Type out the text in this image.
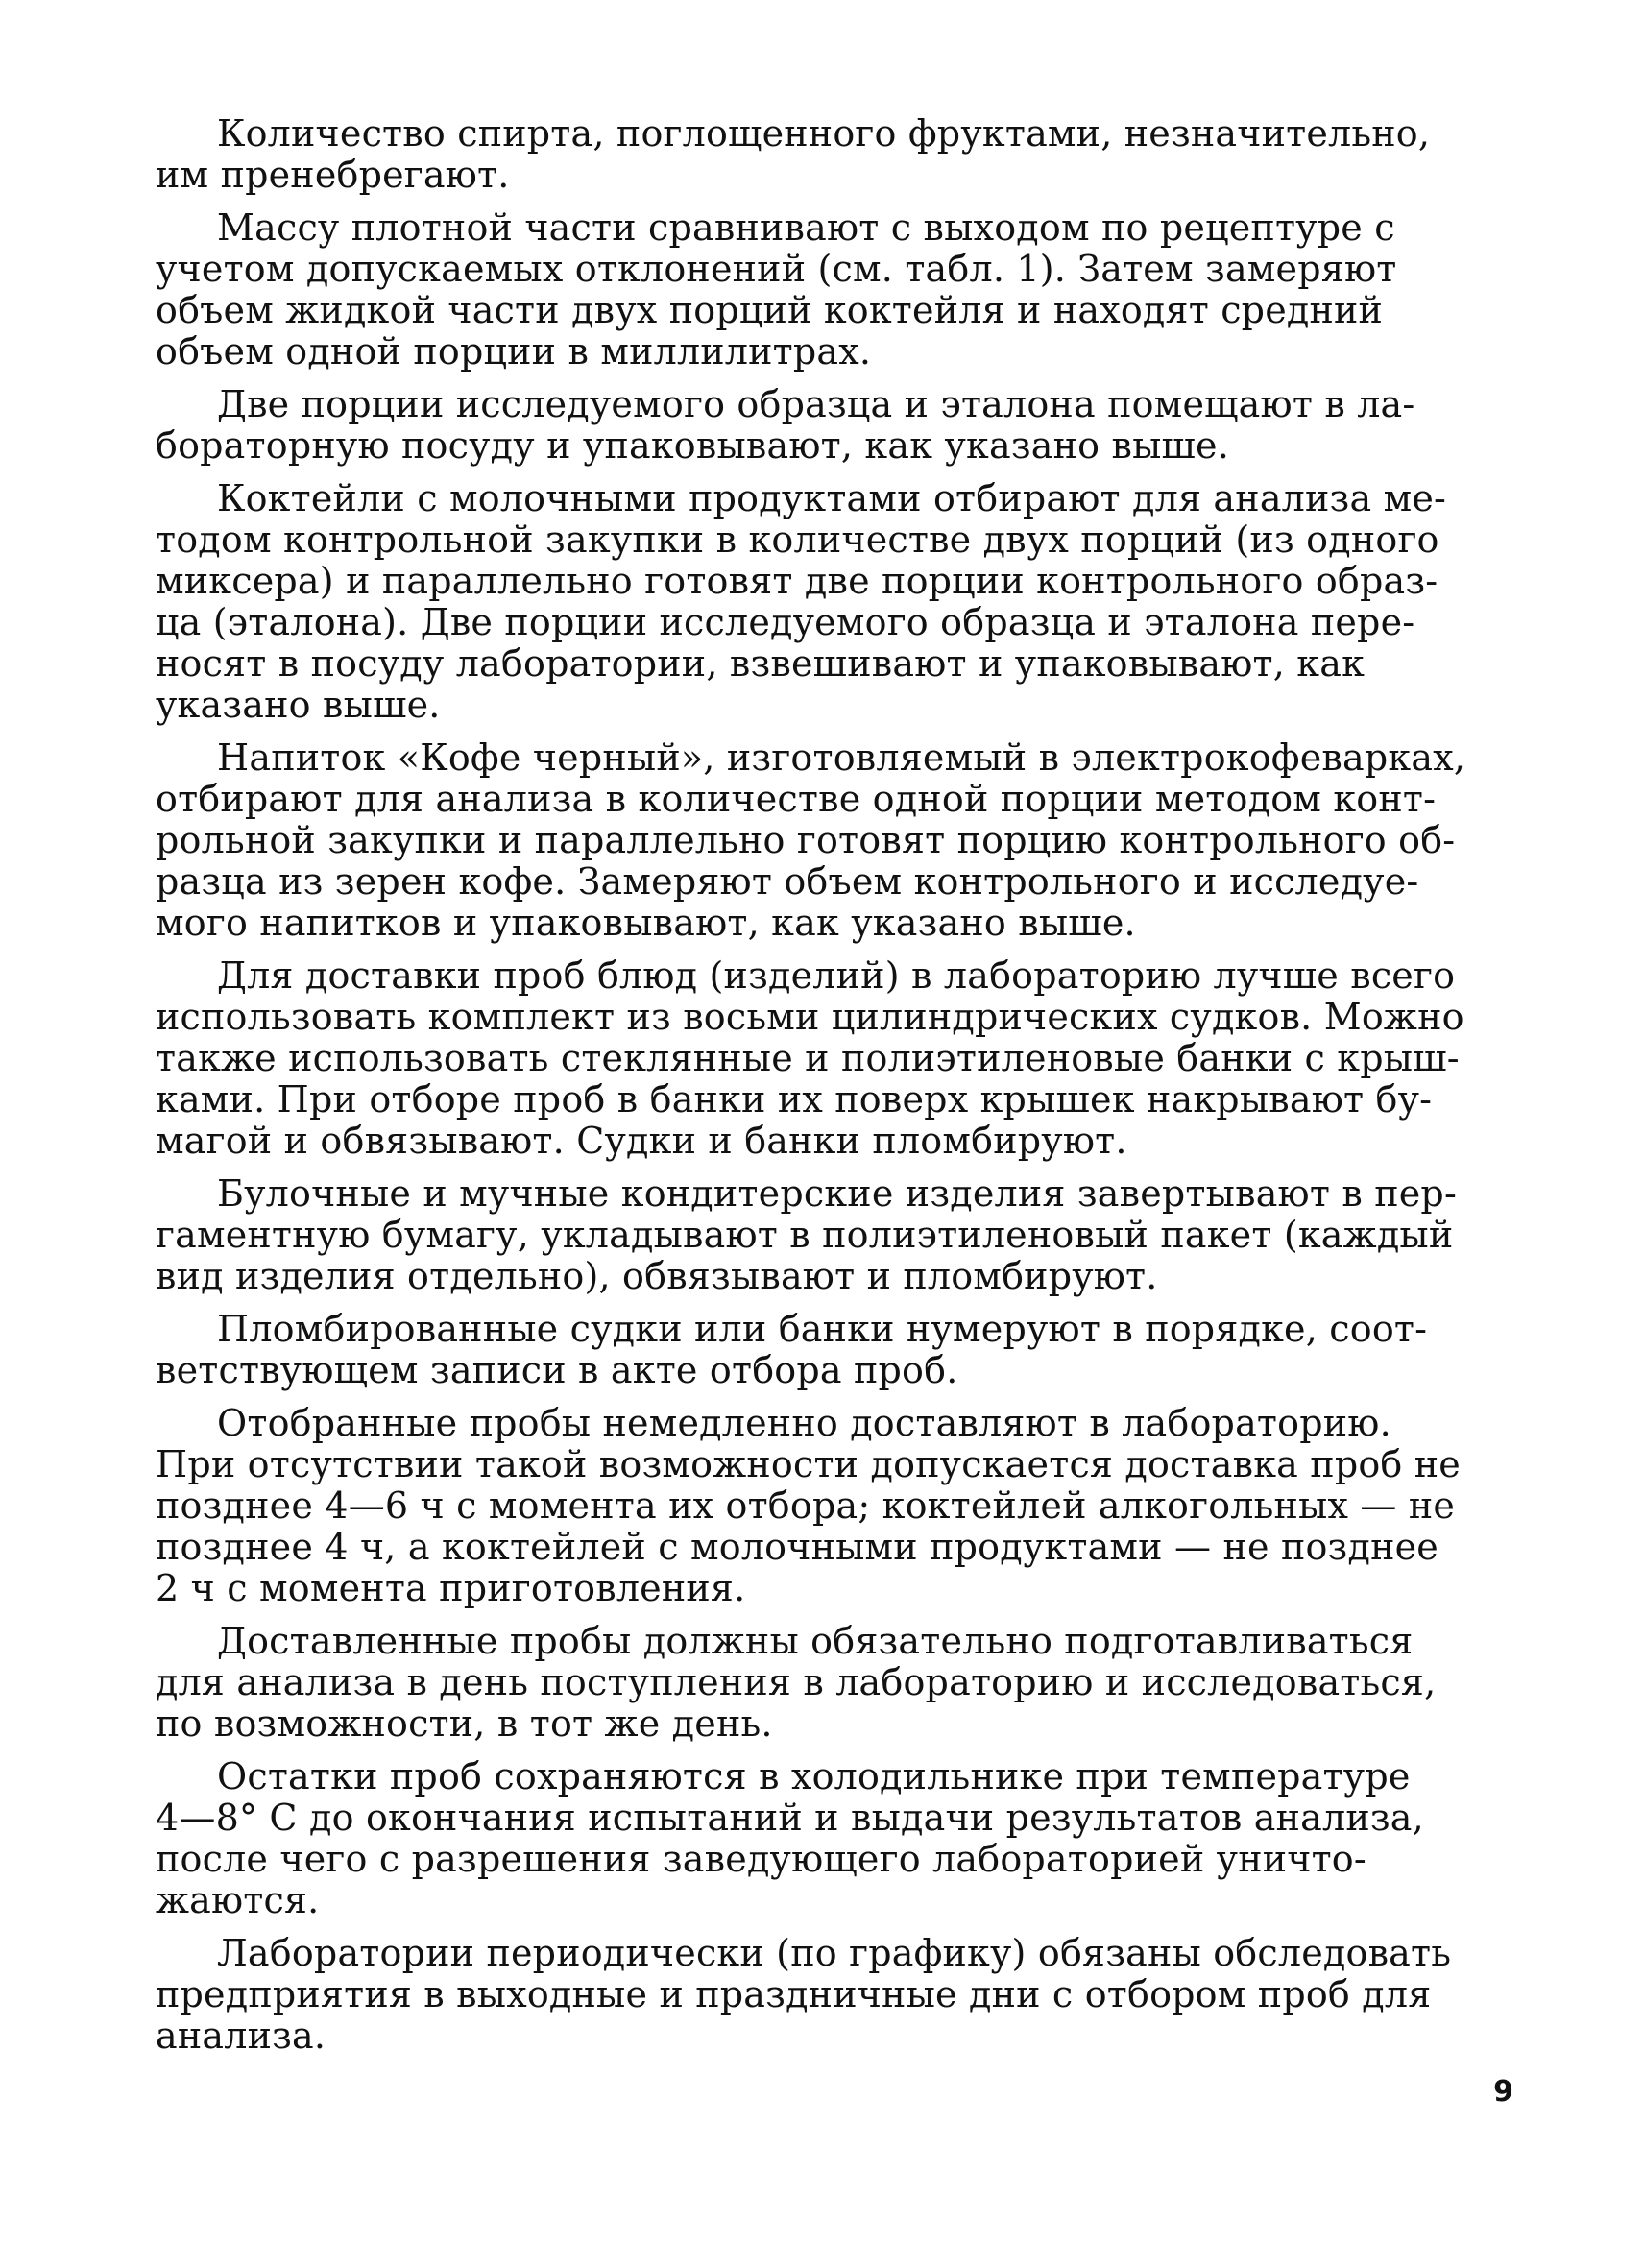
Количество спирта, поглощенного фруктами, незначительно,
им пренебрегают.

Массу плотной части сравнивают с выходом по рецептуре с
учетом допускаемых отклонений (см. табл. 1). Затем замеряют
объем жидкой части двух порций коктейля и находят средний
объем одной порции в миллилитрах.

Две порции исследуемого образца и эталона помещают в ла-
бораторную посуду и упаковывают, как указано выше.

Коктейли с молочными продуктами отбирают для анализа ме-
тодом контрольной закупки в количестве двух порций (из одного
миксера) и параллельно готовят две порции контрольного образ-
ца (эталона). Две порции исследуемого образца и эталона пере-
носят в посуду лаборатории, взвешивают и упаковывают, как
указано выше.

Напиток «Кофе черный», изготовляемый в электрокофеварках,
отбирают для анализа в количестве одной порции методом конт-
рольной закупки и параллельно готовят порцию контрольного об-
разца из зерен кофе. Замеряют объем контрольного и исследуе-
мого напитков и упаковывают, как указано выше.

Для доставки проб блюд (изделий) в лабораторию лучше всего
использовать комплект из восьми цилиндрических судков. Можно
также использовать стеклянные и полиэтиленовые банки с крыш-
ками. При отборе проб в банки их поверх крышек накрывают бу-
магой и обвязывают. Судки и банки пломбируют.

Булочные и мучные кондитерские изделия завертывают в пер-
гаментную бумагу, укладывают в полиэтиленовый пакет (каждый
вид изделия отдельно), обвязывают и пломбируют.

Пломбированные судки или банки нумеруют в порядке, соот-
ветствующем записи в акте отбора проб.

Отобранные пробы немедленно доставляют в лабораторию.
При отсутствии такой возможности допускается доставка проб не
позднее 4—6 ч с момента их отбора; коктейлей алкогольных — не
позднее 4 ч, а коктейлей с молочными продуктами — не позднее
2 ч с момента приготовления.

Доставленные пробы должны обязательно подготавливаться
для анализа в день поступления в лабораторию и исследоваться,
по возможности, в тот же день.

Остатки проб сохраняются в холодильнике при температуре
4—8° С до окончания испытаний и выдачи результатов анализа,
после чего с разрешения заведующего лабораторией уничто-
жаются.

Лаборатории периодически (по графику) обязаны обследовать
предприятия в выходные и праздничные дни с отбором проб для
анализа.

9
